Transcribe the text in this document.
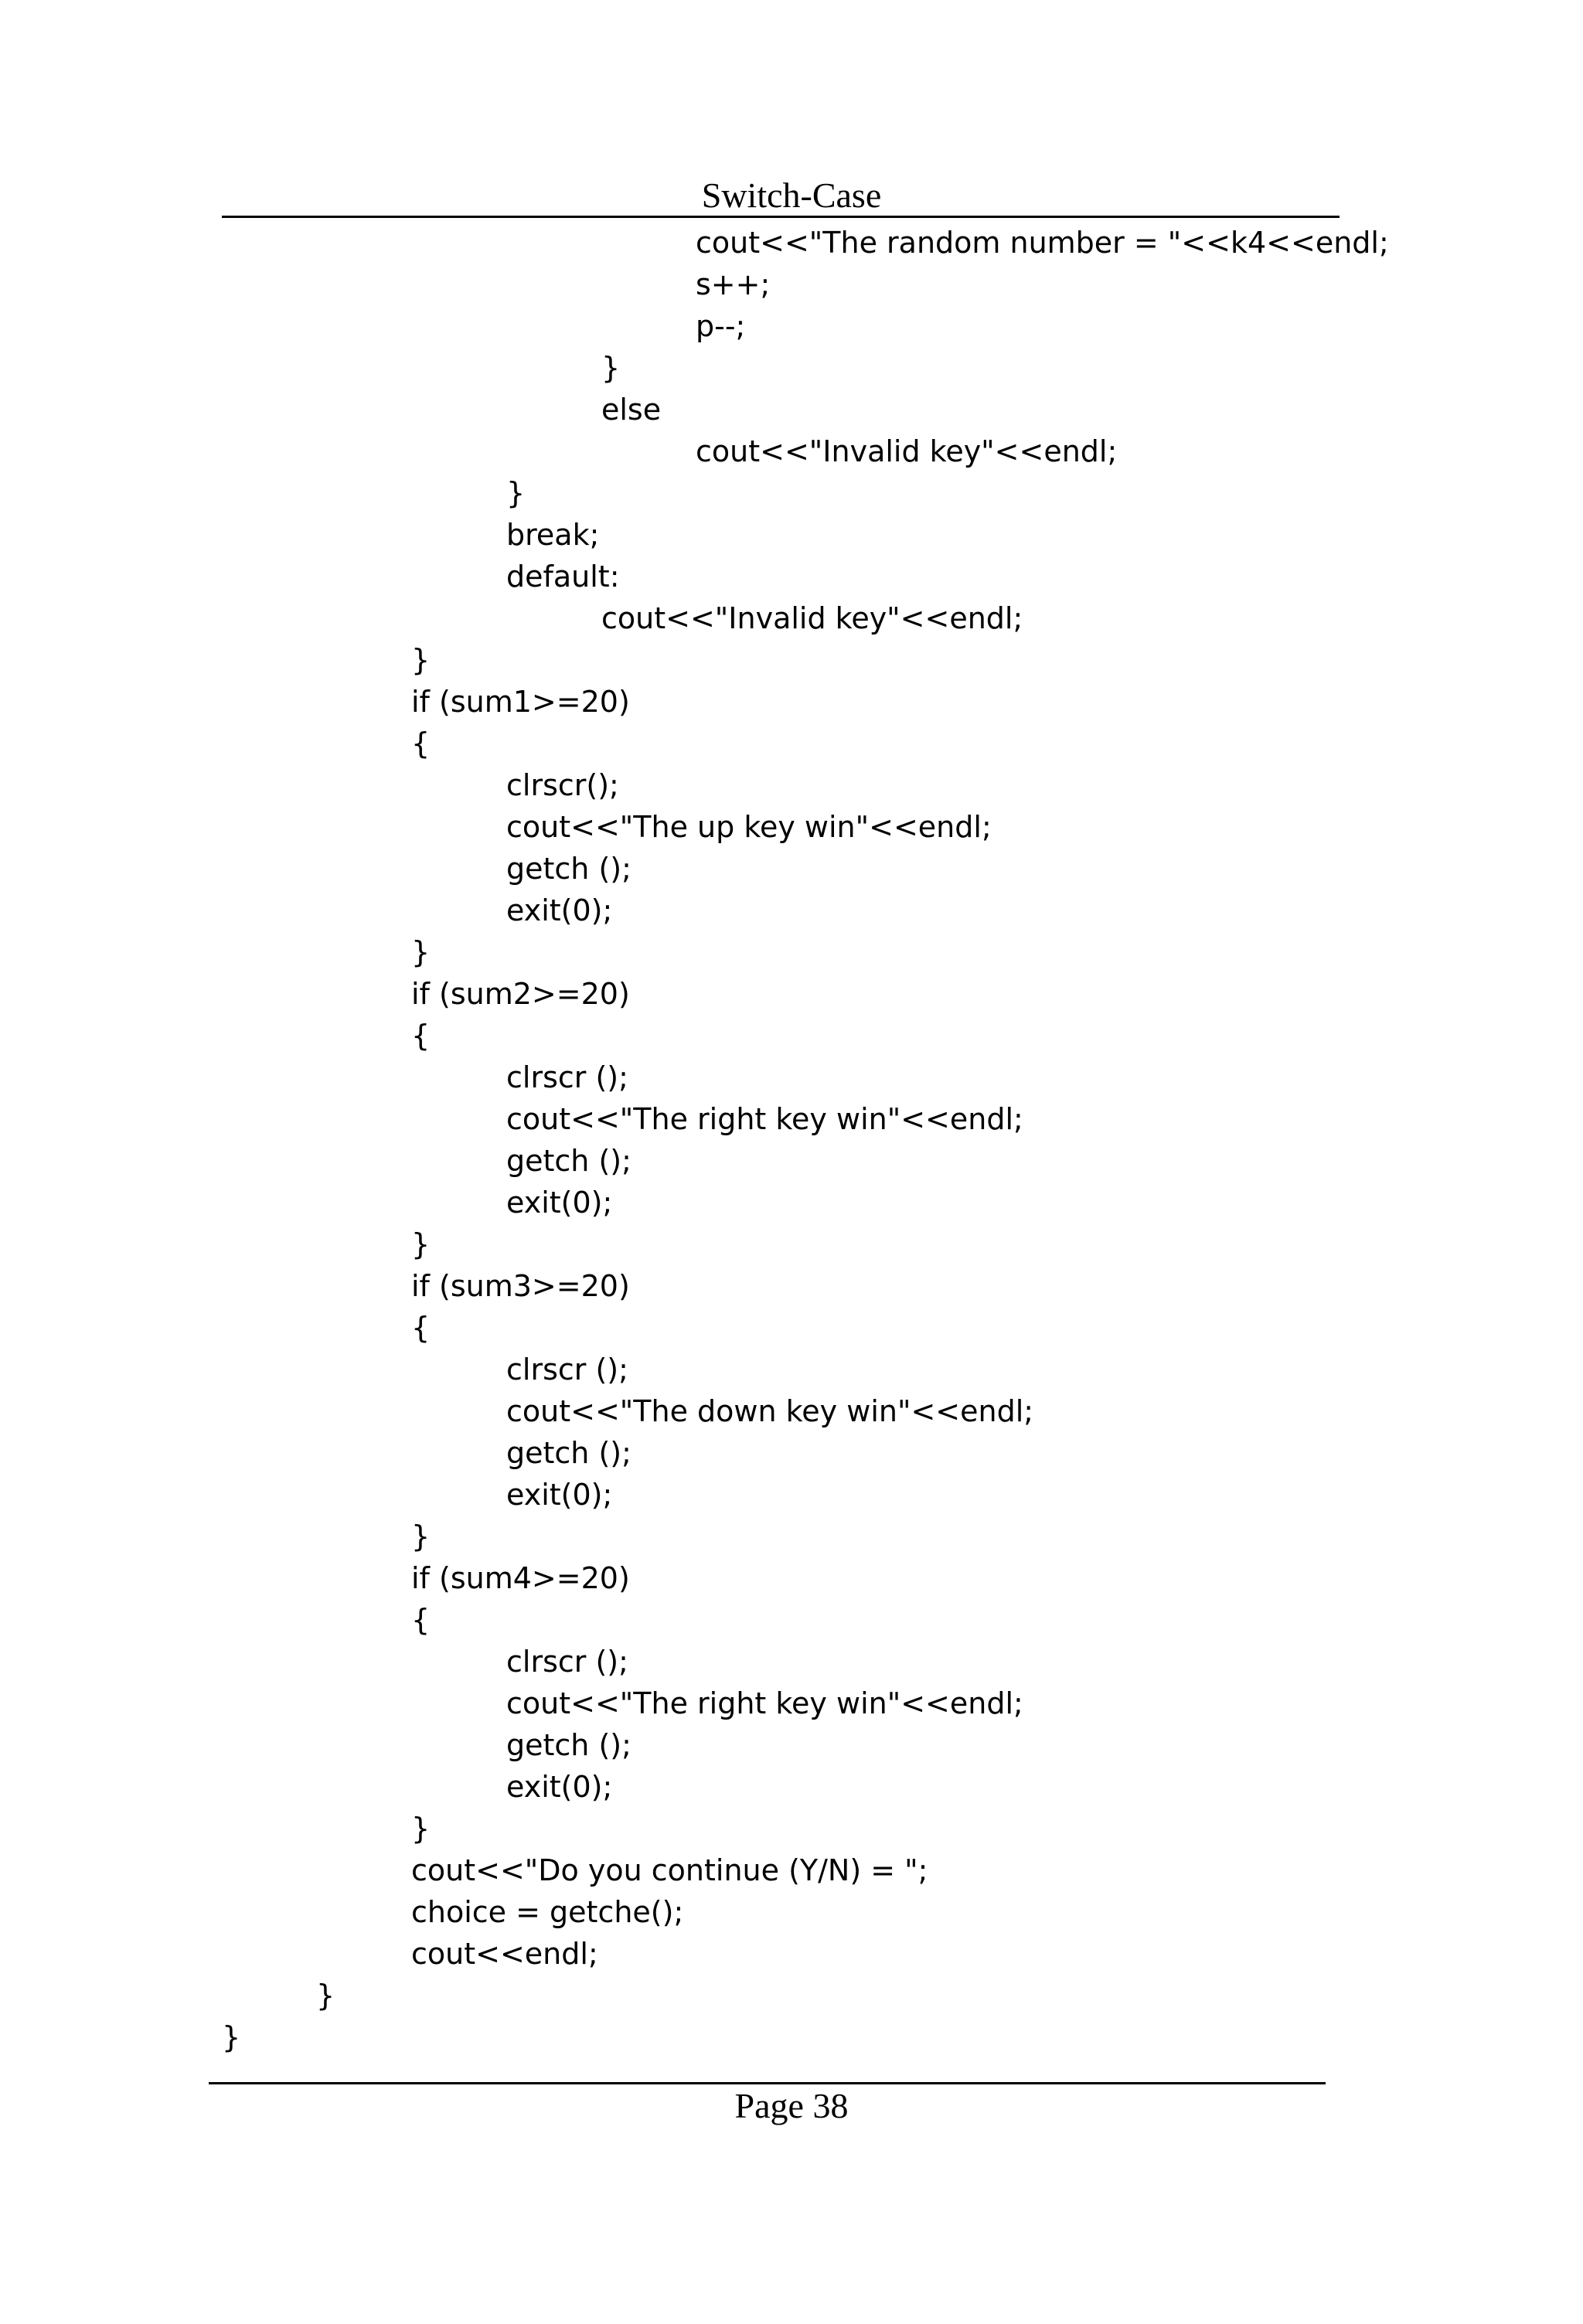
Switch-Case
cout<<"The random number = "<<k4<<endl;
s++;
p--;
}
else
cout<<"Invalid key"<<endl;
}
break;
default:
cout<<"Invalid key"<<endl;
}
if (sum1>=20)
{
clrscr();
cout<<"The up key win"<<endl;
getch ();
exit(0);
}
if (sum2>=20)
{
clrscr ();
cout<<"The right key win"<<endl;
getch ();
exit(0);
}
if (sum3>=20)
{
clrscr ();
cout<<"The down key win"<<endl;
getch ();
exit(0);
}
if (sum4>=20)
{
clrscr ();
cout<<"The right key win"<<endl;
getch ();
exit(0);
}
cout<<"Do you continue (Y/N) = ";
choice = getche();
cout<<endl;
}
}
Page 38
